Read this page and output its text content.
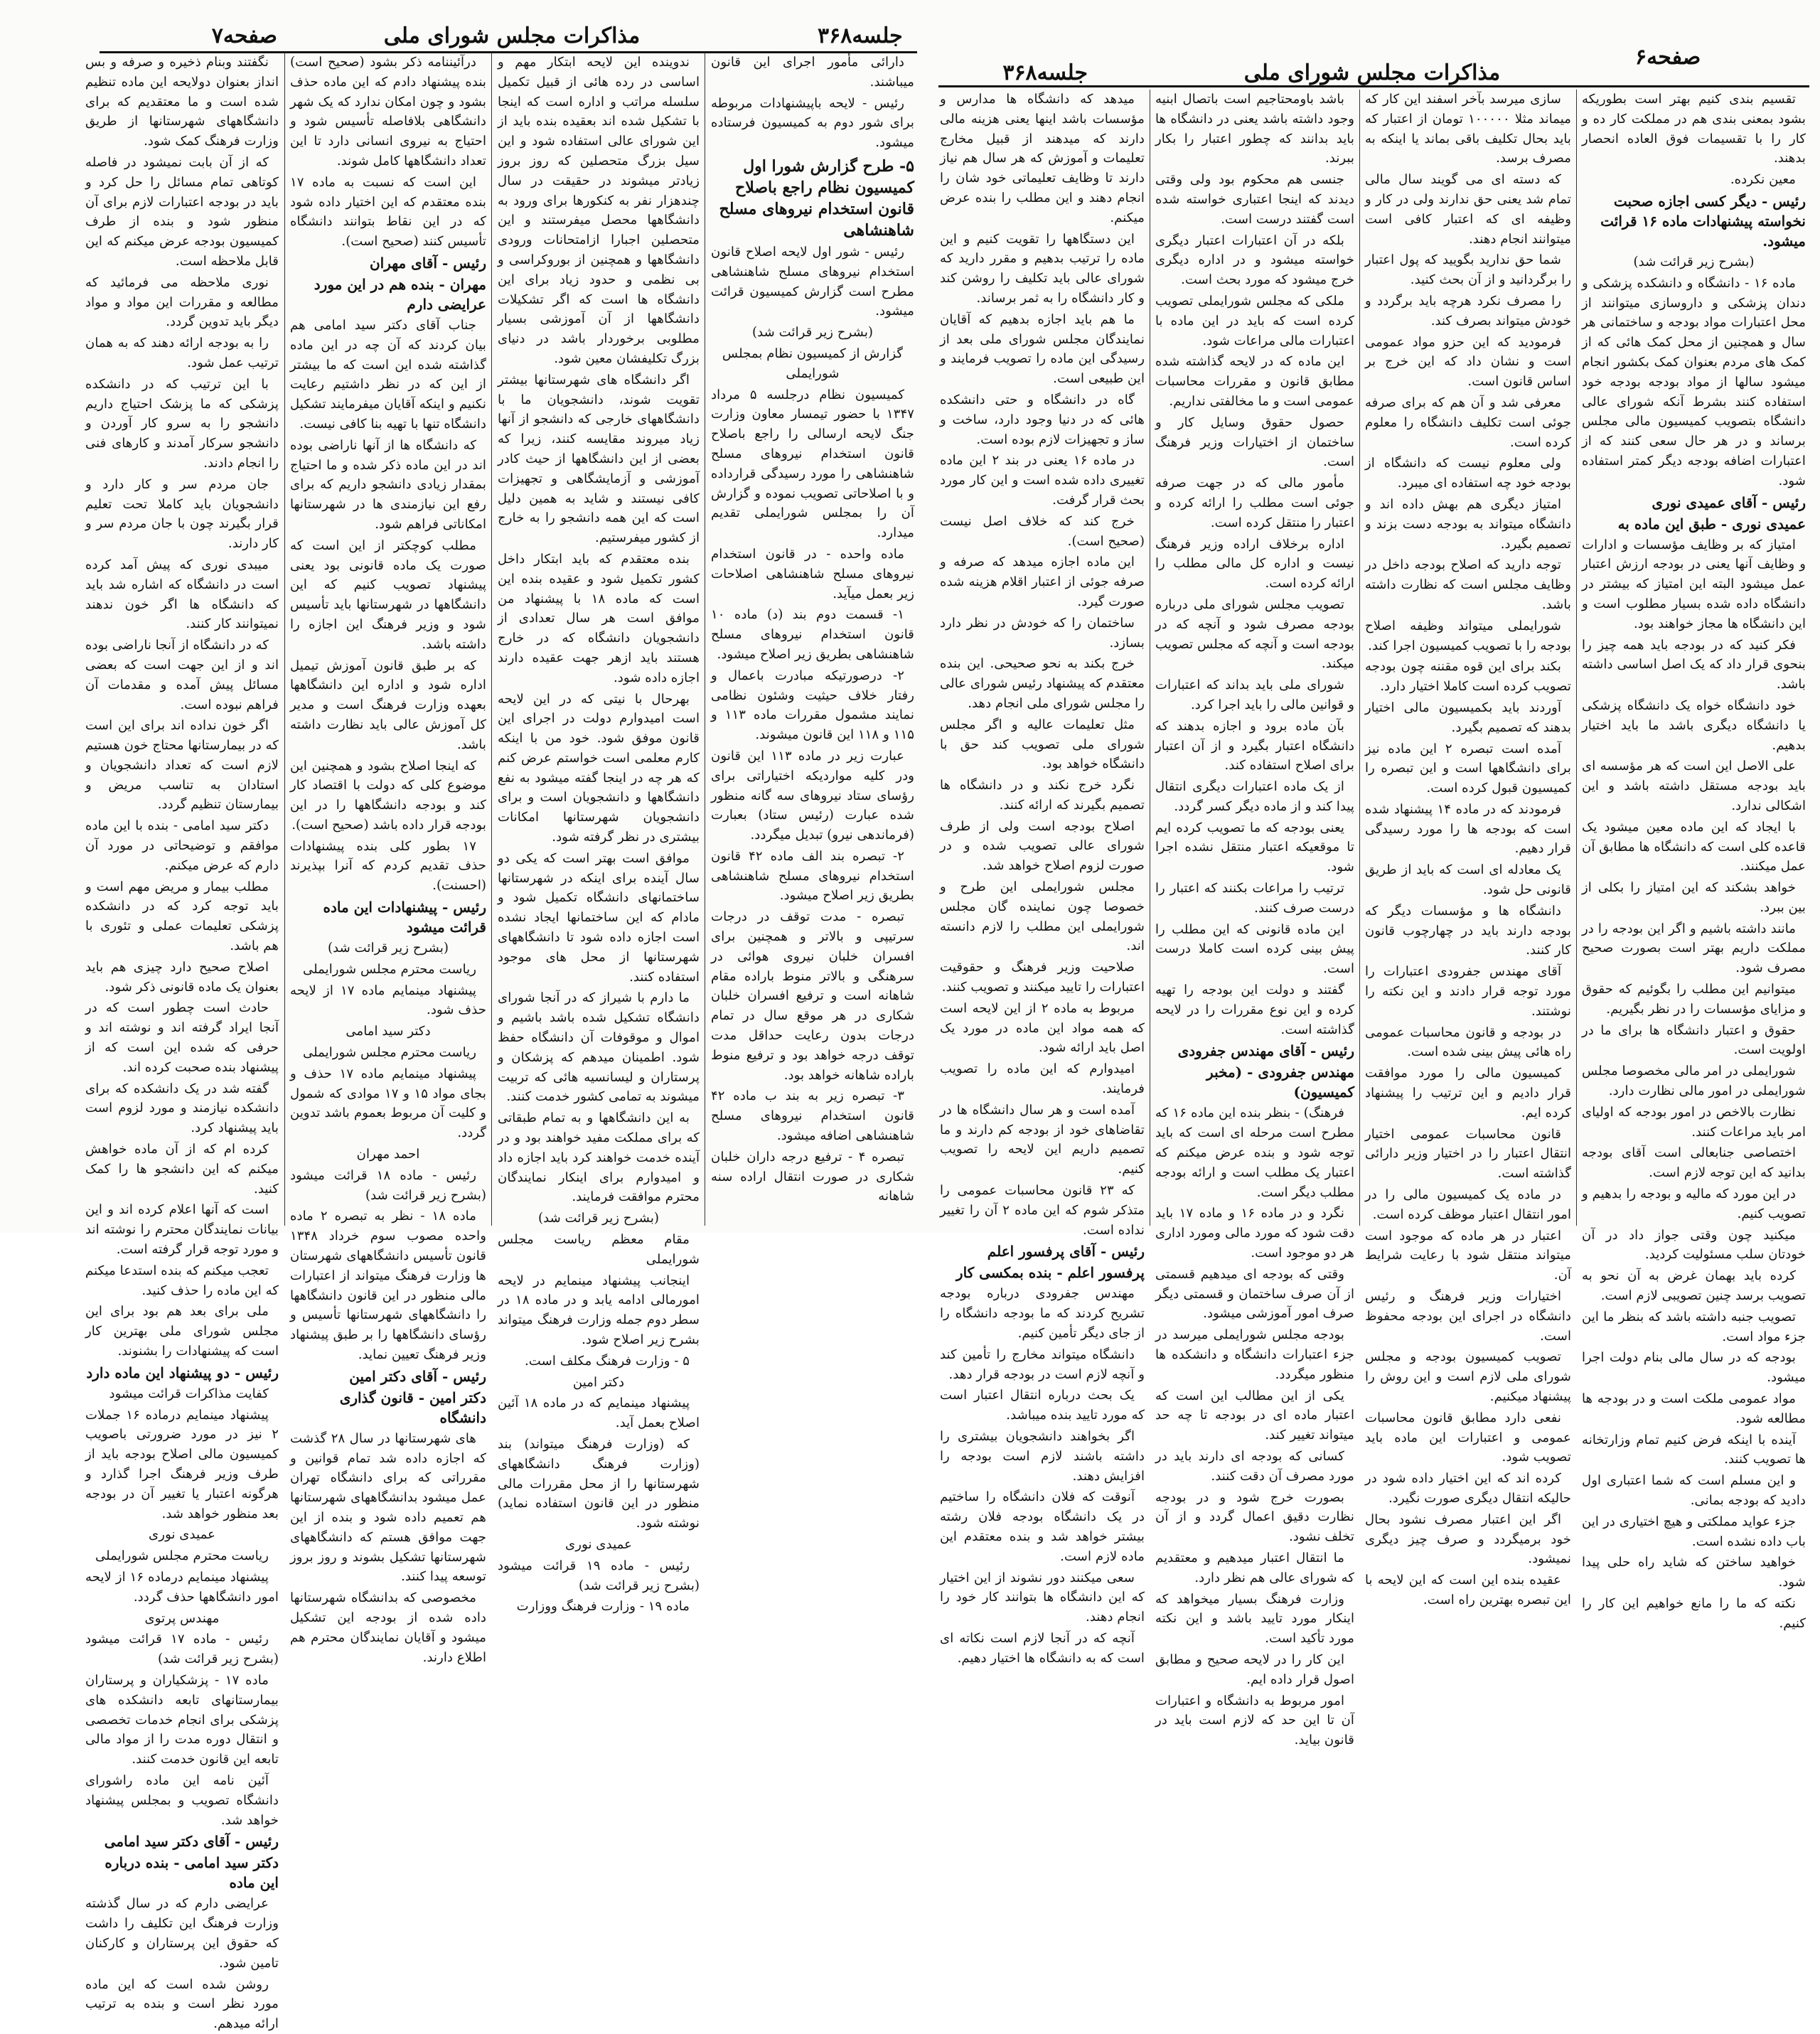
جلسه۳۶۸
مذاکرات مجلس شورای ملی
صفحه۷

دارائی مأمور اجرای این قانون میباشند.

رئیس - لایحه باپیشنهادات مربوطه برای شور دوم به کمیسیون فرستاده میشود.

۵- طرح گزارش شورا اول کمیسیون نظام راجع باصلاح قانون استخدام نیروهای مسلح شاهنشاهی

رئیس - شور اول لایحه اصلاح قانون استخدام نیروهای مسلح شاهنشاهی مطرح است گزارش کمیسیون قرائت میشود.

(بشرح زیر قرائت شد)

گزارش از کمیسیون نظام بمجلس شورایملی

کمیسیون نظام درجلسه ۵ مرداد ۱۳۴۷ با حضور تیمسار معاون وزارت جنگ لایحه ارسالی را راجع باصلاح قانون استخدام نیروهای مسلح شاهنشاهی را مورد رسیدگی قرارداده و با اصلاحاتی تصویب نموده و گزارش آن را بمجلس شورایملی تقدیم میدارد.

ماده واحده - در قانون استخدام نیروهای مسلح شاهنشاهی اصلاحات زیر بعمل میآید.

۱- قسمت دوم بند (د) ماده ۱۰ قانون استخدام نیروهای مسلح شاهنشاهی بطریق زیر اصلاح میشود.

۲- درصورتیکه مبادرت باعمال و رفتار خلاف حیثیت وشئون نظامی نمایند مشمول مقررات ماده ۱۱۳ و ۱۱۵ و ۱۱۸ این قانون میشوند.

عبارت زیر در ماده ۱۱۳ این قانون ودر کلیه مواردیکه اختیاراتی برای رؤسای ستاد نیروهای سه گانه منظور شده عبارت (رئیس ستاد) بعبارت (فرماندهی نیرو) تبدیل میگردد.

۲- تبصره بند الف ماده ۴۲ قانون استخدام نیروهای مسلح شاهنشاهی بطریق زیر اصلاح میشود.

تبصره - مدت توقف در درجات سرتیپی و بالاتر و همچنین برای افسران خلبان نیروی هوائی در سرهنگی و بالاتر منوط باراده مقام شاهانه است و ترفیع افسران خلبان شکاری در هر موقع سال در تمام درجات بدون رعایت حداقل مدت توقف درجه خواهد بود و ترفیع منوط باراده شاهانه خواهد بود.

۳- تبصره زیر به بند ب ماده ۴۲ قانون استخدام نیروهای مسلح شاهنشاهی اضافه میشود.

تبصره ۴ - ترفیع درجه داران خلبان شکاری در صورت انتقال اراده سنه شاهانه

ندوینده این لایحه ابتکار مهم و اساسی در رده هائی از قبیل تکمیل سلسله مراتب و اداره است که اینجا با تشکیل شده اند بعقیده بنده باید از این شورای عالی استفاده شود و این سیل بزرگ متحصلین که روز بروز زیادتر میشوند در حقیقت در سال چندهزار نفر به کنکورها برای ورود به دانشگاهها محصل میفرستند و این متحصلین اجبارا ازامتحانات ورودی دانشگاهها و همچنین از بوروکراسی و بی نظمی و حدود زیاد برای این دانشگاه ها است که اگر تشکیلات دانشگاهها از آن آموزشی بسیار مطلوبی برخوردار باشد در دنیای بزرگ تکلیفشان معین شود.

اگر دانشگاه های شهرستانها بیشتر تقویت شوند، دانشجویان ما با دانشگاههای خارجی که دانشجو از آنها زیاد میروند مقایسه کنند، زیرا که بعضی از این دانشگاهها از حیث کادر آموزشی و آزمایشگاهی و تجهیزات کافی نیستند و شاید به همین دلیل است که این همه دانشجو را به خارج از کشور میفرستیم.

بنده معتقدم که باید ابتکار داخل کشور تکمیل شود و عقیده بنده این است که ماده ۱۸ با پیشنهاد من موافق است هر سال تعدادی از دانشجویان دانشگاه که در خارج هستند باید ازهر جهت عقیده دارند اجازه داده شود.

بهرحال با نیتی که در این لایحه است امیدوارم دولت در اجرای این قانون موفق شود. خود من با اینکه کارم معلمی است خواستم عرض کنم که هر چه در اینجا گفته میشود به نفع دانشگاهها و دانشجویان است و برای دانشجویان شهرستانها امکانات بیشتری در نظر گرفته شود.

موافق است بهتر است که یکی دو سال آینده برای اینکه در شهرستانها ساختمانهای دانشگاه تکمیل شود و مادام که این ساختمانها ایجاد نشده است اجازه داده شود تا دانشگاههای شهرستانها از محل های موجود استفاده کنند.

ما دارم با شیراز که در آنجا شورای دانشگاه تشکیل شده باشد باشیم و اموال و موقوفات آن دانشگاه حفظ شود. اطمینان میدهم که پزشکان و پرستاران و لیسانسیه هائی که تربیت میشوند به تمامی کشور خدمت کنند.

به این دانشگاهها و به تمام طبقاتی که برای مملکت مفید خواهند بود و در آینده خدمت خواهند کرد باید اجازه داد و امیدوارم برای اینکار نمایندگان محترم موافقت فرمایند.

(بشرح زیر قرائت شد)

مقام معظم ریاست مجلس شورایملی

اینجانب پیشنهاد مینمایم در لایحه امورمالی ادامه یابد و در ماده ۱۸ در سطر دوم جمله وزارت فرهنگ میتواند بشرح زیر اصلاح شود.

۵ - وزارت فرهنگ مکلف است.

دکتر امین

پیشنهاد مینمایم که در ماده ۱۸ آئین اصلاح بعمل آید.

که (وزارت فرهنگ میتواند) بند (وزارت فرهنگ دانشگاههای شهرستانها را از محل مقررات مالی منظور در این قانون استفاده نماید) نوشته شود.

عمیدی نوری

رئیس - ماده ۱۹ قرائت میشود (بشرح زیر قرائت شد)

ماده ۱۹ - وزارت فرهنگ ووزارت

درآئیننامه ذکر بشود (صحیح است) بنده پیشنهاد دادم که این ماده حذف بشود و چون امکان ندارد که یک شهر دانشگاهی بلافاصله تأسیس شود و احتیاج به نیروی انسانی دارد تا این تعداد دانشگاهها کامل شوند.

این است که نسبت به ماده ۱۷ بنده معتقدم که این اختیار داده شود که در این نقاط بتوانند دانشگاه تأسیس کنند (صحیح است).

رئیس - آقای مهران
مهران - بنده هم در این مورد عرایضی دارم

جناب آقای دکتر سید امامی هم بیان کردند که آن چه در این ماده گذاشته شده این است که ما بیشتر از این که در نظر داشتیم رعایت نکنیم و اینکه آقایان میفرمایند تشکیل دانشگاه تنها با تهیه بنا کافی نیست.

که دانشگاه ها از آنها ناراضی بوده اند در این ماده ذکر شده و ما احتیاج بمقدار زیادی دانشجو داریم که برای رفع این نیازمندی ها در شهرستانها امکاناتی فراهم شود.

مطلب کوچکتر از این است که صورت یک ماده قانونی بود یعنی پیشنهاد تصویب کنیم که این دانشگاهها در شهرستانها باید تأسیس شود و وزیر فرهنگ این اجازه را داشته باشد.

که بر طبق قانون آموزش تیمیل اداره شود و اداره این دانشگاهها بعهده وزارت فرهنگ است و مدیر کل آموزش عالی باید نظارت داشته باشد.

که اینجا اصلاح بشود و همچنین این موضوع کلی که دولت با اقتصاد کار کند و بودجه دانشگاهها را در این بودجه قرار داده باشد (صحیح است).

۱۷ بطور کلی بنده پیشنهادات حذف تقدیم کردم که آنرا بپذیرند (احسنت).

رئیس - پیشنهادات این ماده قرائت میشود

(بشرح زیر قرائت شد)

ریاست محترم مجلس شورایملی

پیشنهاد مینمایم ماده ۱۷ از لایحه حذف شود.

دکتر سید امامی

ریاست محترم مجلس شورایملی

پیشنهاد مینمایم ماده ۱۷ حذف و بجای مواد ۱۵ و ۱۷ موادی که شمول و کلیت آن مربوط بعموم باشد تدوین گردد.

احمد مهران

رئیس - ماده ۱۸ قرائت میشود (بشرح زیر قرائت شد)

ماده ۱۸ - نظر به تبصره ۲ ماده واحده مصوب سوم خرداد ۱۳۴۸ قانون تأسیس دانشگاههای شهرستان ها وزارت فرهنگ میتواند از اعتبارات مالی منظور در این قانون دانشگاهها را دانشگاههای شهرستانها تأسیس و رؤسای دانشگاهها را بر طبق پیشنهاد وزیر فرهنگ تعیین نماید.

رئیس - آقای دکتر امین
دکتر امین - قانون گذاری دانشگاه

های شهرستانها در سال ۲۸ گذشت که اجازه داده شد تمام قوانین و مقرراتی که برای دانشگاه تهران عمل میشود بدانشگاههای شهرستانها هم تعمیم داده شود و بنده از این جهت موافق هستم که دانشگاههای شهرستانها تشکیل بشوند و روز بروز توسعه پیدا کنند.

مخصوصی که بدانشگاه شهرستانها داده شده از بودجه این تشکیل میشود و آقایان نمایندگان محترم هم اطلاع دارند.

نگفتند وبنام ذخیره و صرفه و بس انداز بعنوان دولایحه این ماده تنظیم شده است و ما معتقدیم که برای دانشگاههای شهرستانها از طریق وزارت فرهنگ کمک شود.

که از آن بابت نمیشود در فاصله کوتاهی تمام مسائل را حل کرد و باید در بودجه اعتبارات لازم برای آن منظور شود و بنده از طرف کمیسیون بودجه عرض میکنم که این قابل ملاحظه است.

نوری ملاحظه می فرمائید که مطالعه و مقررات این مواد و مواد دیگر باید تدوین گردد.

را به بودجه ارائه دهند که به همان ترتیب عمل شود.

با این ترتیب که در دانشکده پزشکی که ما پزشک احتیاج داریم دانشجو را به سرو کار آوردن و دانشجو سرکار آمدند و کارهای فنی را انجام دادند.

جان مردم سر و کار دارد و دانشجویان باید کاملا تحت تعلیم قرار بگیرند چون با جان مردم سر و کار دارند.

میبدی نوری که پیش آمد کرده است در دانشگاه که اشاره شد باید که دانشگاه ها اگر خون ندهند نمیتوانند کار کنند.

که در دانشگاه از آنجا ناراضی بوده اند و از این جهت است که بعضی مسائل پیش آمده و مقدمات آن فراهم نبوده است.

اگر خون نداده اند برای این است که در بیمارستانها محتاج خون هستیم لازم است که تعداد دانشجویان و استادان به تناسب مریض و بیمارستان تنظیم گردد.

دکتر سید امامی - بنده با این ماده موافقم و توضیحاتی در مورد آن دارم که عرض میکنم.

مطلب بیمار و مریض مهم است و باید توجه کرد که در دانشکده پزشکی تعلیمات عملی و تئوری با هم باشد.

اصلاح صحیح دارد چیزی هم باید بعنوان یک ماده قانونی ذکر شود.

حادث است چطور است که در آنجا ایراد گرفته اند و نوشته اند و حرفی که شده این است که از پیشنهاد بنده صحبت کرده اند.

گفته شد در یک دانشکده که برای دانشکده نیازمند و مورد لزوم است باید پیشنهاد کرد.

کرده ام که از آن ماده خواهش میکنم که این دانشجو ها را کمک کنید.

است که آنها اعلام کرده اند و این بیانات نمایندگان محترم را نوشته اند و مورد توجه قرار گرفته است.

تعجب میکنم که بنده استدعا میکنم که این ماده را حذف کنید.

ملی برای بعد هم بود برای این مجلس شورای ملی بهترین کار است که پیشنهادات را بشنوند.

رئیس - دو پیشنهاد این ماده دارد

کفایت مذاکرات قرائت میشود

پیشنهاد مینمایم درماده ۱۶ جملات ۲ نیز در مورد ضرورتی باصویب کمیسیون مالی اصلاح بودجه باید از طرف وزیر فرهنگ اجرا گذارد و هرگونه اعتبار یا تغییر آن در بودجه بعد منظور خواهد شد.

عمیدی نوری

ریاست محترم مجلس شورایملی

پیشنهاد مینمایم درماده ۱۶ از لایحه امور دانشگاهها حذف گردد.

مهندس پرتوی

رئیس - ماده ۱۷ قرائت میشود (بشرح زیر قرائت شد)

ماده ۱۷ - پزشکیاران و پرستاران بیمارستانهای تابعه دانشکده های پزشکی برای انجام خدمات تخصصی و انتقال دوره مدت را از مواد مالی تابعه این قانون خدمت کنند.

آئین نامه این ماده راشورای دانشگاه تصویب و بمجلس پیشنهاد خواهد شد.

رئیس - آقای دکتر سید امامی
دکتر سید امامی - بنده درباره این ماده

عرایضی دارم که در سال گذشته وزارت فرهنگ این تکلیف را داشت که حقوق این پرستاران و کارکنان تامین شود.

روشن شده است که این ماده مورد نظر است و بنده به ترتیب ارائه میدهم.

جلسه۳۶۸	مذاکرات مجلس شورای ملی
صفحه۶

تقسیم بندی کنیم بهتر است بطوریکه بشود بمعنی بندی هم در مملکت کار ده و کار را با تقسیمات فوق العاده انحصار بدهند.

معین نکرده.

رئیس - دیگر کسی اجازه صحبت نخواسته پیشنهادات ماده ۱۶ قرائت میشود.

(بشرح زیر قرائت شد)

ماده ۱۶ - دانشگاه و دانشکده پزشکی و دندان پزشکی و داروسازی میتوانند از محل اعتبارات مواد بودجه و ساختمانی هر سال و همچنین از محل کمک هائی که از کمک های مردم بعنوان کمک بکشور انجام میشود سالها از مواد بودجه بودجه خود استفاده کنند بشرط آنکه شورای عالی دانشگاه بتصویب کمیسیون مالی مجلس برساند و در هر حال سعی کنند که از اعتبارات اضافه بودجه دیگر کمتر استفاده شود.

رئیس - آقای عمیدی نوری
عمیدی نوری - طبق این ماده به

امتیاز که بر وظایف مؤسسات و ادارات و وظایف آنها یعنی در بودجه ارزش اعتبار عمل میشود البته این امتیاز که بیشتر در دانشگاه داده شده بسیار مطلوب است و این دانشگاه ها مجاز خواهند بود.

فکر کنید که در بودجه باید همه چیز را بنحوی قرار داد که یک اصل اساسی داشته باشد.

خود دانشگاه خواه یک دانشگاه پزشکی یا دانشگاه دیگری باشد ما باید اختیار بدهیم.

علی الاصل این است که هر مؤسسه ای باید بودجه مستقل داشته باشد و این اشکالی ندارد.

با ایجاد که این ماده معین میشود یک قاعده کلی است که دانشگاه ها مطابق آن عمل میکنند.

خواهد بشکند که این امتیاز را بکلی از بین ببرد.

مانند داشته باشیم و اگر این بودجه را در مملکت داریم بهتر است بصورت صحیح مصرف شود.

میتوانیم این مطلب را بگوئیم که حقوق و مزایای مؤسسات را در نظر بگیریم.

حقوق و اعتبار دانشگاه ها برای ما در اولویت است.

شورایملی در امر مالی مخصوصا مجلس شورایملی در امور مالی نظارت دارد.

نظارت بالاخص در امور بودجه که اولیای امر باید مراعات کنند.

اختصاصی جنابعالی است آقای بودجه بدانید که این توجه لازم است.

در این مورد که مالیه و بودجه را بدهیم و تصویب کنیم.

میکنید چون وقتی جواز داد در آن خودتان سلب مسئولیت کردید.

کرده باید بهمان غرض به آن نحو به تصویب برسد چنین تصویبی لازم است.

تصویب جنبه داشته باشد که بنظر ما این جزء مواد است.

بودجه که در سال مالی بنام دولت اجرا میشود.

مواد عمومی ملکت است و در بودجه ها مطالعه شود.

آینده با اینکه فرض کنیم تمام وزارتخانه ها تصویب کنند.

و این مسلم است که شما اعتباری اول دادید که بودجه بمانی.

جزء عواید مملکتی و هیچ اختیاری در این باب داده نشده است.

خواهید ساختن که شاید راه حلی پیدا شود.

نکته که ما را مانع خواهیم این کار را کنیم.

سازی میرسد بآخر اسفند این کار که میماند مثلا ۱۰۰۰۰۰ تومان از اعتبار که باید بحال تکلیف باقی بماند یا اینکه به مصرف برسد.

که دسته ای می گویند سال مالی تمام شد یعنی حق ندارند ولی در کار و وظیفه ای که اعتبار کافی است میتوانند انجام دهند.

شما حق ندارید بگویید که پول اعتبار را برگردانید و از آن بحث کنید.

را مصرف نکرد هرچه باید برگردد و خودش میتواند بصرف کند.

فرمودید که این حزو مواد عمومی است و نشان داد که این خرج بر اساس قانون است.

معرفی شد و آن هم که برای صرفه جوئی است تکلیف دانشگاه را معلوم کرده است.

ولی معلوم نیست که دانشگاه از بودجه خود چه استفاده ای میبرد.

امتیاز دیگری هم بهش داده اند و دانشگاه میتواند به بودجه دست بزند و تصمیم بگیرد.

توجه دارید که اصلاح بودجه داخل در وظایف مجلس است که نظارت داشته باشد.

شورایملی میتواند وظیفه اصلاح بودجه را با تصویب کمیسیون اجرا کند.

بکند برای این قوه مقننه چون بودجه تصویب کرده است کاملا اختیار دارد.

آوردند باید بکمیسیون مالی اختیار بدهند که تصمیم بگیرد.

آمده است تبصره ۲ این ماده نیز برای دانشگاهها است و این تبصره را کمیسیون قبول کرده است.

فرمودند که در ماده ۱۴ پیشنهاد شده است که بودجه ها را مورد رسیدگی قرار دهیم.

یک معادله ای است که باید از طریق قانونی حل شود.

دانشگاه ها و مؤسسات دیگر که بودجه دارند باید در چهارچوب قانون کار کنند.

آقای مهندس جفرودی اعتبارات را مورد توجه قرار دادند و این نکته را نوشتند.

در بودجه و قانون محاسبات عمومی راه هائی پیش بینی شده است.

کمیسیون مالی را مورد موافقت قرار دادیم و این ترتیب را پیشنهاد کرده ایم.

قانون محاسبات عمومی اختیار انتقال اعتبار را در اختیار وزیر دارائی گذاشته است.

در ماده یک کمیسیون مالی را در امور انتقال اعتبار موظف کرده است.

اعتبار در هر ماده که موجود است میتواند منتقل شود با رعایت شرایط آن.

اختیارات وزیر فرهنگ و رئیس دانشگاه در اجرای این بودجه محفوظ است.

تصویب کمیسیون بودجه و مجلس شورای ملی لازم است و این روش را پیشنهاد میکنیم.

نفعی دارد مطابق قانون محاسبات عمومی و اعتبارات این ماده باید تصویب شود.

کرده اند که این اختیار داده شود در حالیکه انتقال دیگری صورت نگیرد.

اگر این اعتبار مصرف نشود بحال خود برمیگردد و صرف چیز دیگری نمیشود.

عقیده بنده این است که این لایحه با این تبصره بهترین راه است.

باشد باومحتاجیم است باتصال ابنیه وجود داشته باشد یعنی در دانشگاه ها باید بدانند که چطور اعتبار را بکار ببرند.

جنسی هم محکوم بود ولی وقتی دیدند که اینجا اعتباری خواسته شده است گفتند درست است.

بلکه در آن اعتبارات اعتبار دیگری خواسته میشود و در اداره دیگری خرج میشود که مورد بحث است.

ملکی که مجلس شورایملی تصویب کرده است که باید در این ماده با اعتبارات مالی مراعات شود.

این ماده که در لایحه گذاشته شده مطابق قانون و مقررات محاسبات عمومی است و ما مخالفتی نداریم.

حصول حقوق وسایل کار و ساختمان از اختیارات وزیر فرهنگ است.

مأمور مالی که در جهت صرفه جوئی است مطلب را ارائه کرده و اعتبار را منتقل کرده است.

اداره برخلاف اراده وزیر فرهنگ نیست و اداره کل مالی مطلب را ارائه کرده است.

تصویب مجلس شورای ملی درباره بودجه مصرف شود و آنچه که در بودجه است و آنچه که مجلس تصویب میکند.

شورای ملی باید بداند که اعتبارات و قوانین مالی را باید اجرا کرد.

بآن ماده برود و اجازه بدهند که دانشگاه اعتبار بگیرد و از آن اعتبار برای اصلاح استفاده کند.

از یک ماده اعتبارات دیگری انتقال پیدا کند و از ماده دیگر کسر گردد.

یعنی بودجه که ما تصویب کرده ایم تا موقعیکه اعتبار منتقل نشده اجرا شود.

ترتیب را مراعات بکنند که اعتبار را درست صرف کنند.

این ماده قانونی که این مطلب را پیش بینی کرده است کاملا درست است.

گفتند و دولت این بودجه را تهیه کرده و این نوع مقررات را در لایحه گذاشته است.

رئیس - آقای مهندس جفرودی
مهندس جفرودی - (مخبر کمیسیون)

فرهنگ) - بنظر بنده این ماده ۱۶ که مطرح است مرحله ای است که باید توجه شود و بنده عرض میکنم که اعتبار یک مطلب است و ارائه بودجه مطلب دیگر است.

نگرد و در ماده ۱۶ و ماده ۱۷ باید دقت شود که مورد مالی ومورد اداری هر دو موجود است.

وقتی که بودجه ای میدهیم قسمتی از آن صرف ساختمان و قسمتی دیگر صرف امور آموزشی میشود.

بودجه مجلس شورایملی میرسد در جزء اعتبارات دانشگاه و دانشکده ها منظور میگردد.

یکی از این مطالب این است که اعتبار ماده ای در بودجه تا چه حد میتواند تغییر کند.

کسانی که بودجه ای دارند باید در مورد مصرف آن دقت کنند.

بصورت خرج شود و در بودجه نظارت دقیق اعمال گردد و از آن تخلف نشود.

ما انتقال اعتبار میدهیم و معتقدیم که شورای عالی هم نظر دارد.

وزارت فرهنگ بسیار میخواهد که اینکار مورد تایید باشد و این نکته مورد تأکید است.

این کار را در لایحه صحیح و مطابق اصول قرار داده ایم.

امور مربوط به دانشگاه و اعتبارات آن تا این حد که لازم است باید در قانون بیاید.

میدهد که دانشگاه ها مدارس و مؤسسات باشد اینها یعنی هزینه مالی دارند که میدهند از قبیل مخارج تعلیمات و آموزش که هر سال هم نیاز دارند تا وظایف تعلیماتی خود شان را انجام دهند و این مطلب را بنده عرض میکنم.

این دستگاهها را تقویت کنیم و این ماده را ترتیب بدهیم و مقرر دارید که شورای عالی باید تکلیف را روشن کند و کار دانشگاه را به ثمر برساند.

ما هم باید اجازه بدهیم که آقایان نمایندگان مجلس شورای ملی بعد از رسیدگی این ماده را تصویب فرمایند و این طبیعی است.

گاه در دانشگاه و حتی دانشکده هائی که در دنیا وجود دارد، ساخت و ساز و تجهیزات لازم بوده است.

در ماده ۱۶ یعنی در بند ۲ این ماده تغییری داده شده است و این کار مورد بحث قرار گرفت.

خرج کند که خلاف اصل نیست (صحیح است).

این ماده اجازه میدهد که صرفه و صرفه جوئی از اعتبار اقلام هزینه شده صورت گیرد.

ساختمان را که خودش در نظر دارد بسازد.

خرج بکند به نحو صحیحی. این بنده معتقدم که پیشنهاد رئیس شورای عالی را مجلس شورای ملی انجام دهد.

مثل تعلیمات عالیه و اگر مجلس شورای ملی تصویب کند حق با دانشگاه خواهد بود.

نگرد خرج نکند و در دانشگاه ها تصمیم بگیرند که ارائه کنند.

اصلاح بودجه است ولی از طرف شورای عالی تصویب شده و در صورت لزوم اصلاح خواهد شد.

مجلس شورایملی این طرح و خصوصا چون نماینده گان مجلس شورایملی این مطلب را لازم دانسته اند.

صلاحیت وزیر فرهنگ و حقوقیت اعتبارات را تایید میکنند و تصویب کنند.

مربوط به ماده ۲ از این لایحه است که همه مواد این ماده در مورد یک اصل باید ارائه شود.

امیدوارم که این ماده را تصویب فرمایند.

آمده است و هر سال دانشگاه ها در تقاضاهای خود از بودجه کم دارند و ما تصمیم داریم این لایحه را تصویب کنیم.

که ۲۳ قانون محاسبات عمومی را متذکر شوم که این ماده ۲ آن را تغییر نداده است.

رئیس - آقای پرفسور اعلم
پرفسور اعلم - بنده بمکسی کار

مهندس جفرودی درباره بودجه تشریح کردند که ما بودجه دانشگاه را از جای دیگر تأمین کنیم.

دانشگاه میتواند مخارج را تأمین کند و آنچه لازم است در بودجه قرار دهد.

یک بحث درباره انتقال اعتبار است که مورد تایید بنده میباشد.

اگر بخواهند دانشجویان بیشتری را داشته باشند لازم است بودجه را افزایش دهند.

آنوقت که فلان دانشگاه را ساختیم در یک دانشگاه بودجه فلان رشته بیشتر خواهد شد و بنده معتقدم این ماده لازم است.

سعی میکنند دور نشوند از این اختیار که این دانشگاه ها بتوانند کار خود را انجام دهند.

آنچه که در آنجا لازم است نکاته ای است که به دانشگاه ها اختیار دهیم.
